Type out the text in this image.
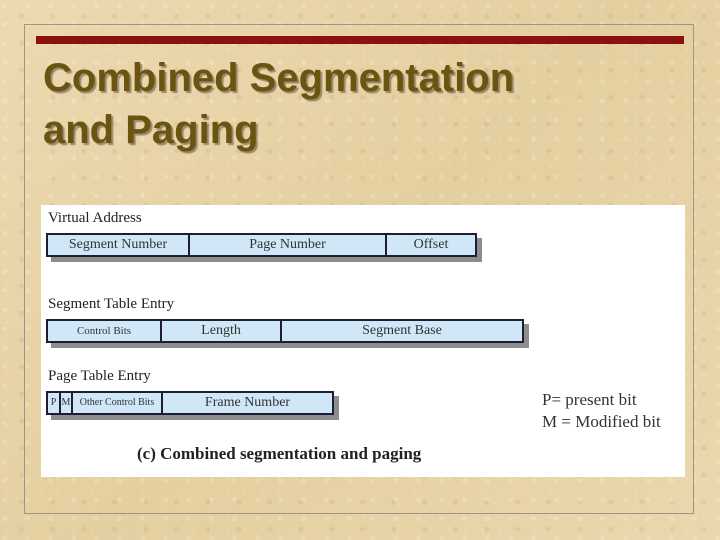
Combined Segmentation
and Paging
Virtual Address
Segment Number	Page Number	Offset
Segment Table Entry
Control Bits	Length	Segment Base
Page Table Entry
P M Other Control Bits	Frame Number	P= present bit
M = Modified bit
(c) Combined segmentation and paging
